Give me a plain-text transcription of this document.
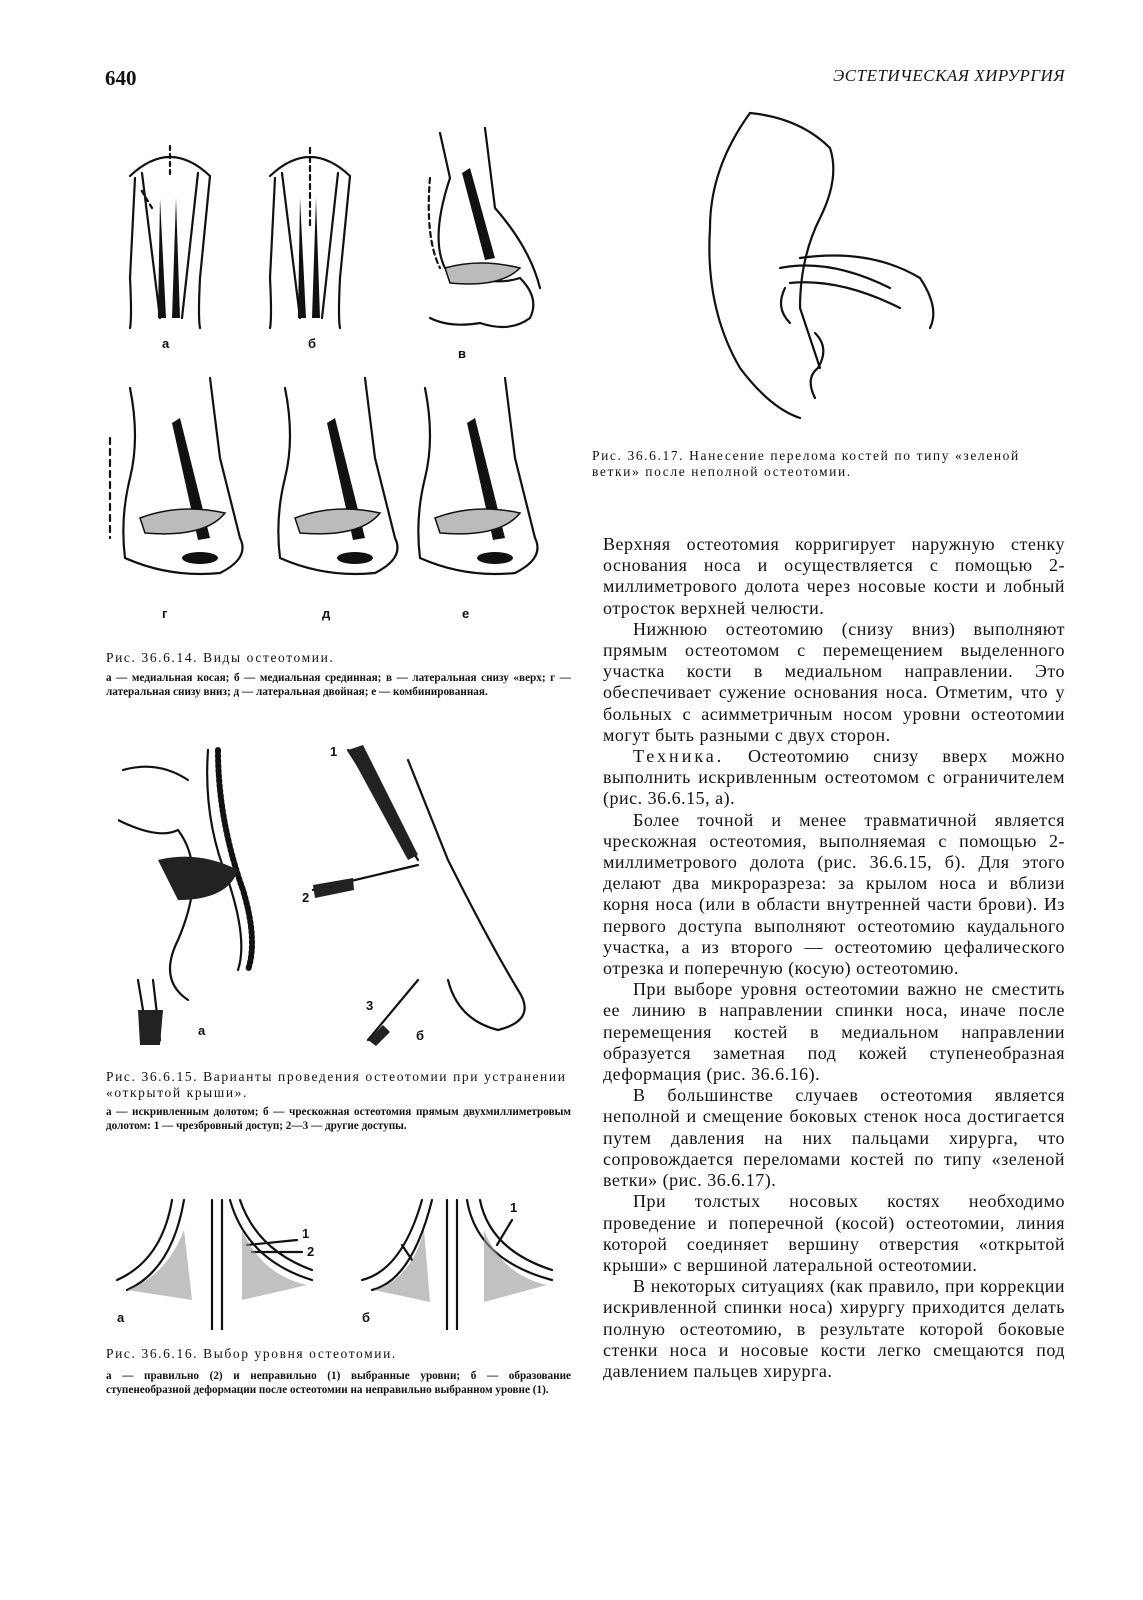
640	ЭСТЕТИЧЕСКАЯ ХИРУРГИЯ
а	б
в
г	д	е
Рис. 36.6.14. Виды остеотомии.
а — медиальная косая; б — медиальная срединная; в — латеральная снизу «верх; г — латеральная снизу вниз; д — латеральная двойная; е — комбинированная.
Рис. 36.6.17. Нанесение перелома костей по типу «зеленой ветки» после неполной остеотомии.
1
2
3
а	б
Рис. 36.6.15. Варианты проведения остеотомии при устранении «открытой крыши».
а — искривленным долотом; б — чрескожная остеотомия прямым двухмиллиметровым долотом: 1 — чрезбровный доступ; 2—3 — другие доступы.
1
2
а	б
1
Рис. 36.6.16. Выбор уровня остеотомии.
а — правильно (2) и неправильно (1) выбранные уровни; б — образование ступенеобразной деформации после остеотомии на неправильно выбранном уровне (1).

Верхняя остеотомия корригирует наружную стенку основания носа и осуществляется с помощью 2-миллиметрового долота через носовые кости и лобный отросток верхней челюсти.

Нижнюю остеотомию (снизу вниз) выполняют прямым остеотомом с перемещением выделенного участка кости в медиальном направлении. Это обеспечивает сужение основания носа. Отметим, что у больных с асимметричным носом уровни остеотомии могут быть разными с двух сторон.

Техника. Остеотомию снизу вверх можно выполнить искривленным остеотомом с ограничителем (рис. 36.6.15, а).

Более точной и менее травматичной является чрескожная остеотомия, выполняемая с помощью 2-миллиметрового долота (рис. 36.6.15, б). Для этого делают два микроразреза: за крылом носа и вблизи корня носа (или в области внутренней части брови). Из первого доступа выполняют остеотомию каудального участка, а из второго — остеотомию цефалического отрезка и поперечную (косую) остеотомию.

При выборе уровня остеотомии важно не сместить ее линию в направлении спинки носа, иначе после перемещения костей в медиальном направлении образуется заметная под кожей ступенеобразная деформация (рис. 36.6.16).

В большинстве случаев остеотомия является неполной и смещение боковых стенок носа достигается путем давления на них пальцами хирурга, что сопровождается переломами костей по типу «зеленой ветки» (рис. 36.6.17).

При толстых носовых костях необходимо проведение и поперечной (косой) остеотомии, линия которой соединяет вершину отверстия «открытой крыши» с вершиной латеральной остеотомии.

В некоторых ситуациях (как правило, при коррекции искривленной спинки носа) хирургу приходится делать полную остеотомию, в результате которой боковые стенки носа и носовые кости легко смещаются под давлением пальцев хирурга.
